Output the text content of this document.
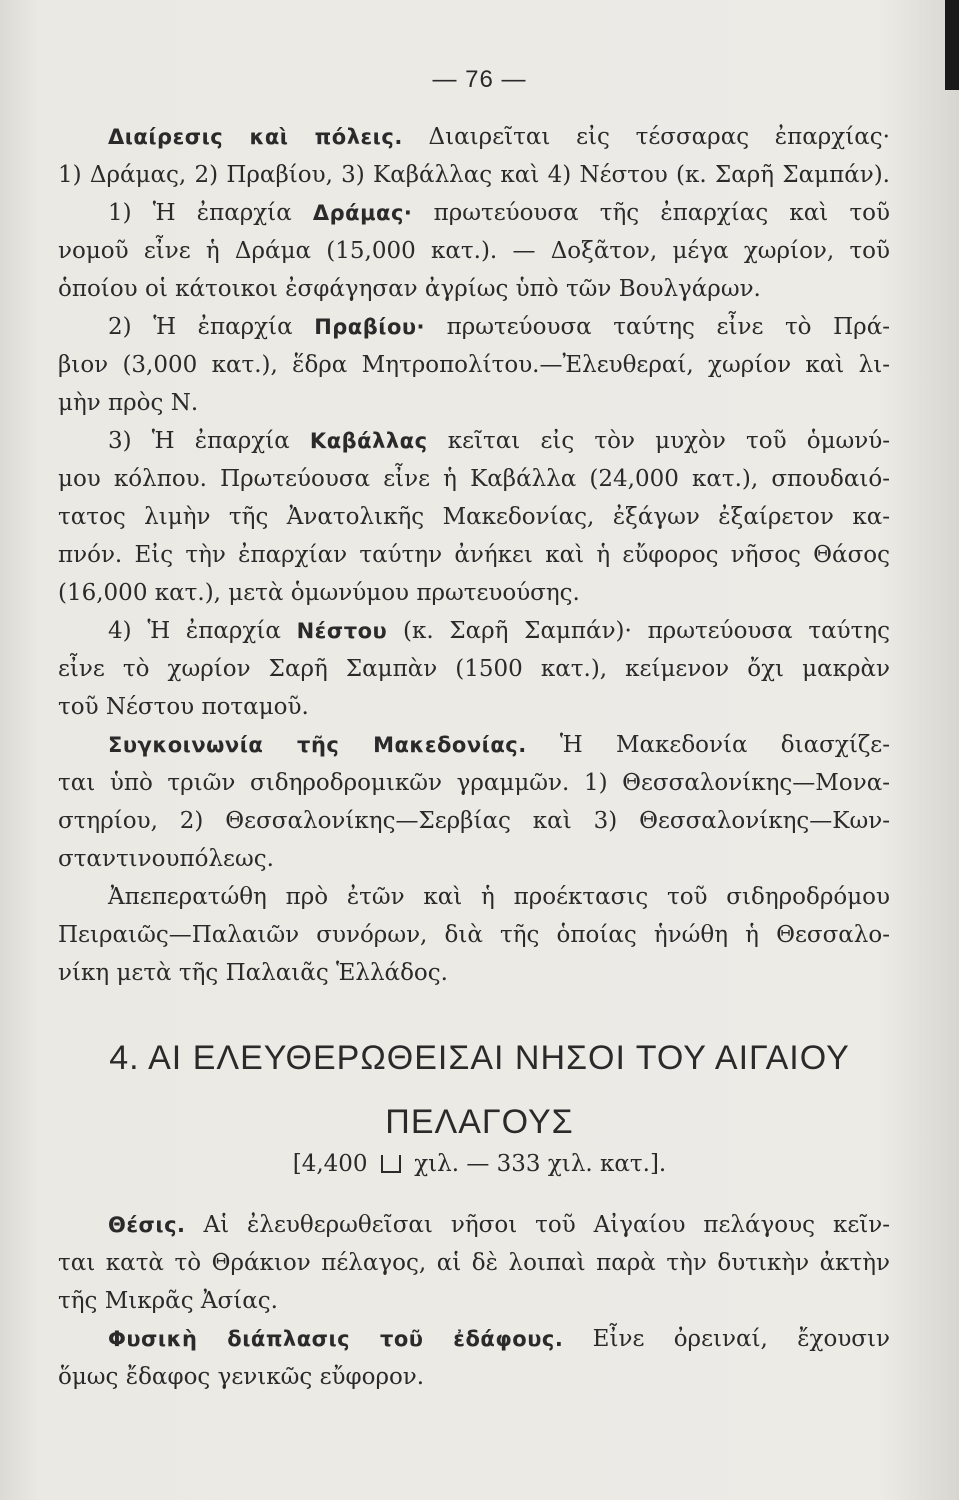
— 76 —
Διαίρεσις καὶ πόλεις. Διαιρεῖται εἰς τέσσαρας ἐπαρχίας·
1) Δράμας, 2) Πραβίου, 3) Καβάλλας καὶ 4) Νέστου (κ. Σαρῆ Σαμπάν).
1) Ἡ ἐπαρχία Δράμας· πρωτεύουσα τῆς ἐπαρχίας καὶ τοῦ
νομοῦ εἶνε ἡ Δράμα (15,000 κατ.). — Δοξᾶτον, μέγα χωρίον, τοῦ
ὁποίου οἱ κάτοικοι ἐσφάγησαν ἀγρίως ὑπὸ τῶν Βουλγάρων.
2) Ἡ ἐπαρχία Πραβίου· πρωτεύουσα ταύτης εἶνε τὸ Πρά-
βιον (3,000 κατ.), ἕδρα Μητροπολίτου.—Ἐλευθεραί, χωρίον καὶ λι-
μὴν πρὸς Ν.
3) Ἡ ἐπαρχία Καβάλλας κεῖται εἰς τὸν μυχὸν τοῦ ὁμωνύ-
μου κόλπου. Πρωτεύουσα εἶνε ἡ Καβάλλα (24,000 κατ.), σπουδαιό-
τατος λιμὴν τῆς Ἀνατολικῆς Μακεδονίας, ἐξάγων ἐξαίρετον κα-
πνόν. Εἰς τὴν ἐπαρχίαν ταύτην ἀνήκει καὶ ἡ εὔφορος νῆσος Θάσος
(16,000 κατ.), μετὰ ὁμωνύμου πρωτευούσης.
4) Ἡ ἐπαρχία Νέστου (κ. Σαρῆ Σαμπάν)· πρωτεύουσα ταύτης
εἶνε τὸ χωρίον Σαρῆ Σαμπὰν (1500 κατ.), κείμενον ὄχι μακρὰν
τοῦ Νέστου ποταμοῦ.
Συγκοινωνία τῆς Μακεδονίας. Ἡ Μακεδονία διασχίζε-
ται ὑπὸ τριῶν σιδηροδρομικῶν γραμμῶν. 1) Θεσσαλονίκης—Μονα-
στηρίου, 2) Θεσσαλονίκης—Σερβίας καὶ 3) Θεσσαλονίκης—Κων-
σταντινουπόλεως.
Ἀπεπερατώθη πρὸ ἐτῶν καὶ ἡ προέκτασις τοῦ σιδηροδρόμου
Πειραιῶς—Παλαιῶν συνόρων, διὰ τῆς ὁποίας ἡνώθη ἡ Θεσσαλο-
νίκη μετὰ τῆς Παλαιᾶς Ἑλλάδος.
4. ΑΙ ΕΛΕΥΘΕΡΩΘΕΙΣΑΙ ΝΗΣΟΙ ΤΟΥ ΑΙΓΑΙΟΥ
ΠΕΛΑΓΟΥΣ
[4,400 χιλ. — 333 χιλ. κατ.].
Θέσις. Αἱ ἐλευθερωθεῖσαι νῆσοι τοῦ Αἰγαίου πελάγους κεῖν-
ται κατὰ τὸ Θράκιον πέλαγος, αἱ δὲ λοιπαὶ παρὰ τὴν δυτικὴν ἀκτὴν
τῆς Μικρᾶς Ἀσίας.
Φυσικὴ διάπλασις τοῦ ἐδάφους. Εἶνε ὀρειναί, ἔχουσιν
ὅμως ἔδαφος γενικῶς εὔφορον.
